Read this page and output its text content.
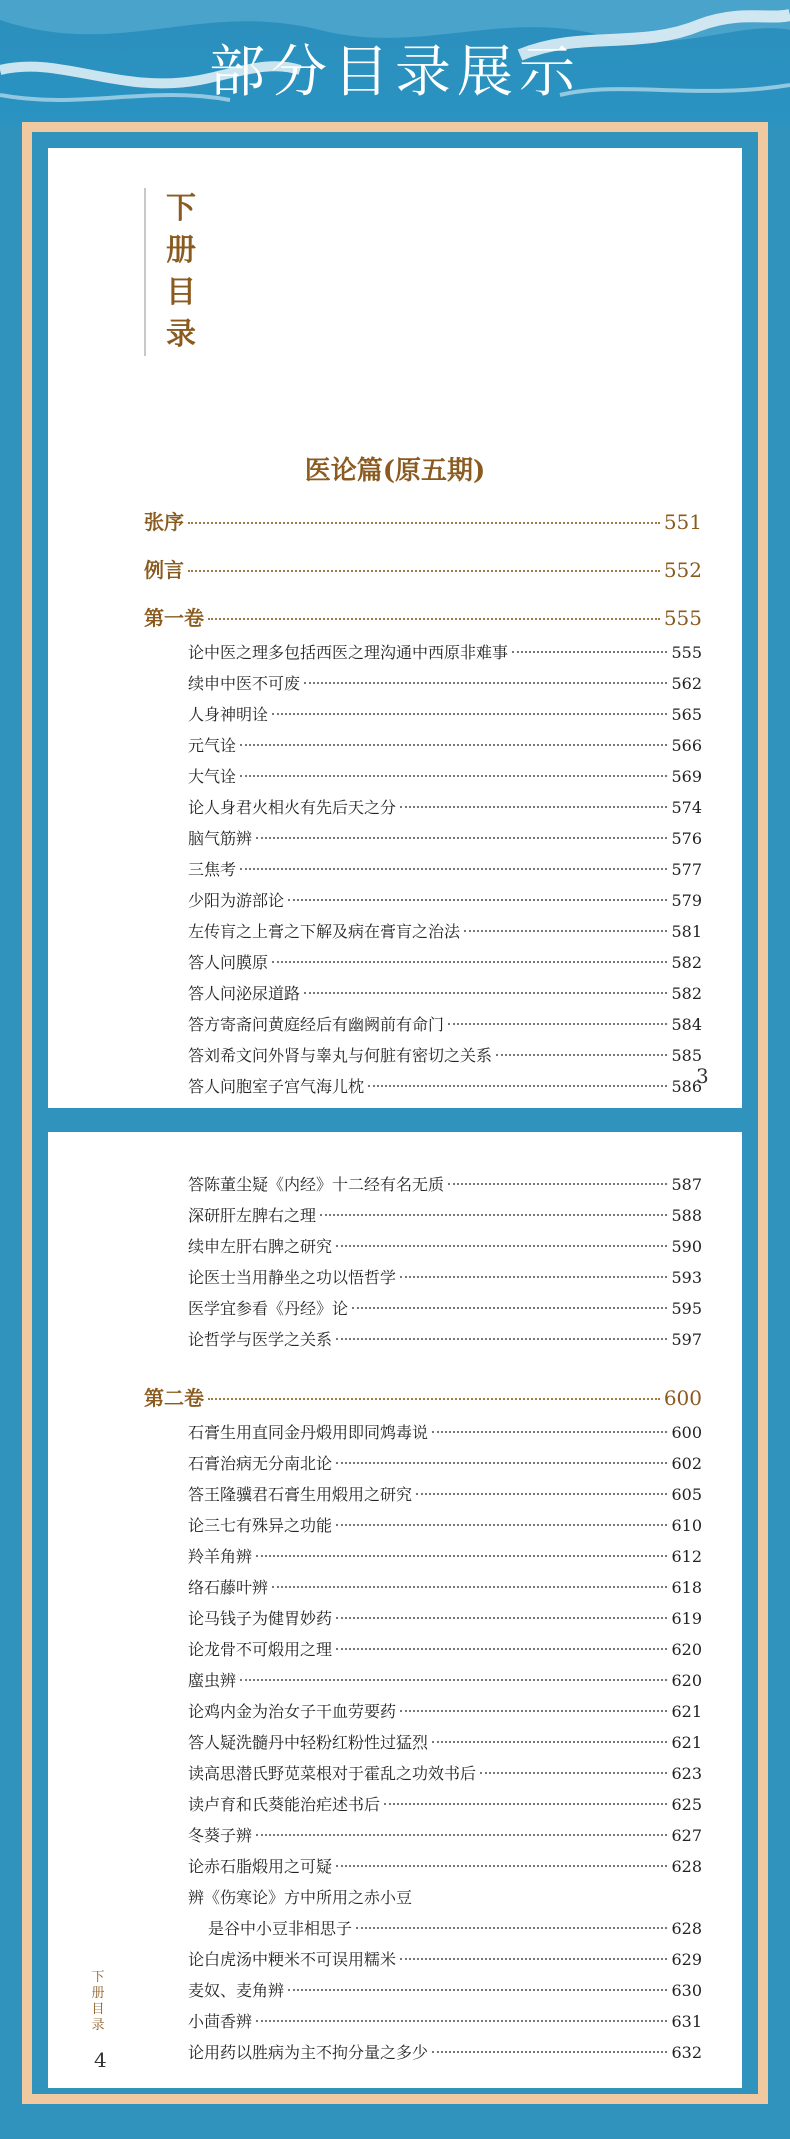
部分目录展示
下
册
目
录
医论篇(原五期)
张序	551
例言	552
第一卷	555
论中医之理多包括西医之理沟通中西原非难事	555
续申中医不可废	562
人身神明诠	565
元气诠	566
大气诠	569
论人身君火相火有先后天之分	574
脑气筋辨	576
三焦考	577
少阳为游部论	579
左传肓之上膏之下解及病在膏肓之治法	581
答人问膜原	582
答人问泌尿道路	582
答方寄斋问黄庭经后有幽阙前有命门	584
答刘希文问外肾与睾丸与何脏有密切之关系	585
答人问胞室子宫气海儿枕	586
3
答陈董尘疑《内经》十二经有名无质	587
深研肝左脾右之理	588
续申左肝右脾之研究	590
论医士当用静坐之功以悟哲学	593
医学宜参看《丹经》论	595
论哲学与医学之关系	597
第二卷	600
石膏生用直同金丹煅用即同鸩毒说	600
石膏治病无分南北论	602
答王隆骥君石膏生用煅用之研究	605
论三七有殊异之功能	610
羚羊角辨	612
络石藤叶辨	618
论马钱子为健胃妙药	619
论龙骨不可煅用之理	620
䗪虫辨	620
论鸡内金为治女子干血劳要药	621
答人疑洗髓丹中轻粉红粉性过猛烈	621
读高思潜氏野苋菜根对于霍乱之功效书后	623
读卢育和氏葵能治疟述书后	625
冬葵子辨	627
论赤石脂煅用之可疑	628
辨《伤寒论》方中所用之赤小豆
是谷中小豆非相思子	628
论白虎汤中粳米不可误用糯米	629
麦奴、麦角辨	630
小茴香辨	631
论用药以胜病为主不拘分量之多少	632
下
册
目
录
4
